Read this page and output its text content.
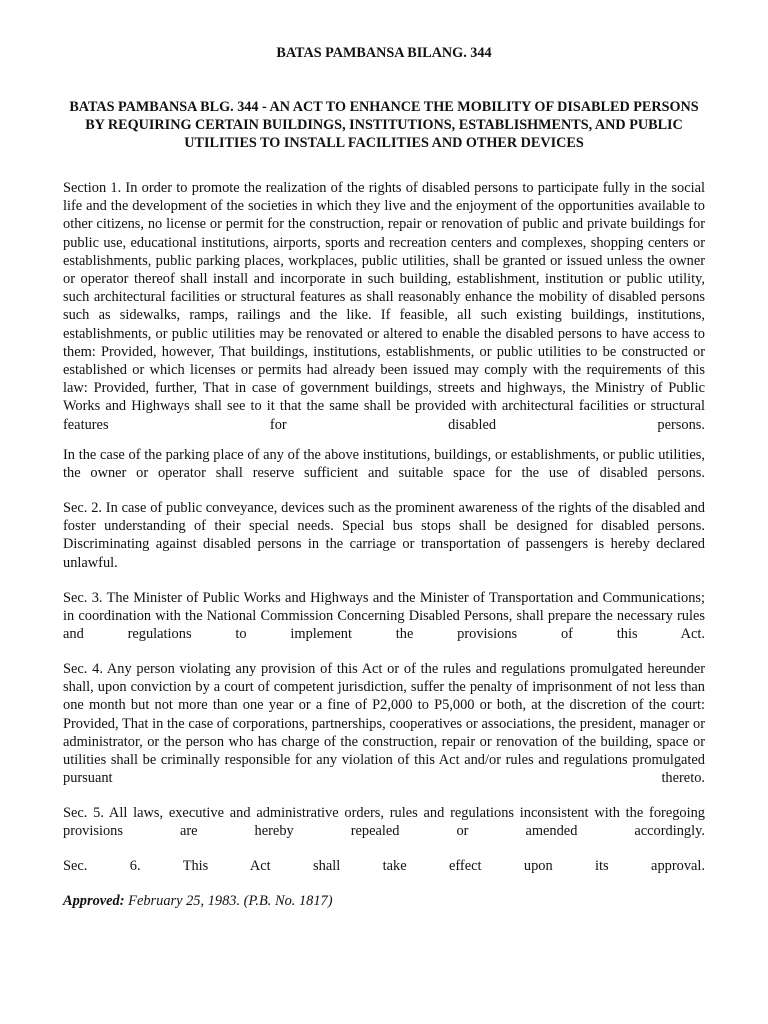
BATAS PAMBANSA BILANG. 344
BATAS PAMBANSA BLG. 344 - AN ACT TO ENHANCE THE MOBILITY OF DISABLED PERSONS BY REQUIRING CERTAIN BUILDINGS, INSTITUTIONS, ESTABLISHMENTS, AND PUBLIC UTILITIES TO INSTALL FACILITIES AND OTHER DEVICES

Section 1. In order to promote the realization of the rights of disabled persons to participate fully in the social life and the development of the societies in which they live and the enjoyment of the opportunities available to other citizens, no license or permit for the construction, repair or renovation of public and private buildings for public use, educational institutions, airports, sports and recreation centers and complexes, shopping centers or establishments, public parking places, workplaces, public utilities, shall be granted or issued unless the owner or operator thereof shall install and incorporate in such building, establishment, institution or public utility, such architectural facilities or structural features as shall reasonably enhance the mobility of disabled persons such as sidewalks, ramps, railings and the like. If feasible, all such existing buildings, institutions, establishments, or public utilities may be renovated or altered to enable the disabled persons to have access to them: Provided, however, That buildings, institutions, establishments, or public utilities to be constructed or established or which licenses or permits had already been issued may comply with the requirements of this law: Provided, further, That in case of government buildings, streets and highways, the Ministry of Public Works and Highways shall see to it that the same shall be provided with architectural facilities or structural features for disabled persons.

In the case of the parking place of any of the above institutions, buildings, or establishments, or public utilities, the owner or operator shall reserve sufficient and suitable space for the use of disabled persons.

Sec. 2. In case of public conveyance, devices such as the prominent awareness of the rights of the disabled and foster understanding of their special needs. Special bus stops shall be designed for disabled persons. Discriminating against disabled persons in the carriage or transportation of passengers is hereby declared unlawful.

Sec. 3. The Minister of Public Works and Highways and the Minister of Transportation and Communications; in coordination with the National Commission Concerning Disabled Persons, shall prepare the necessary rules and regulations to implement the provisions of this Act.

Sec. 4. Any person violating any provision of this Act or of the rules and regulations promulgated hereunder shall, upon conviction by a court of competent jurisdiction, suffer the penalty of imprisonment of not less than one month but not more than one year or a fine of P2,000 to P5,000 or both, at the discretion of the court: Provided, That in the case of corporations, partnerships, cooperatives or associations, the president, manager or administrator, or the person who has charge of the construction, repair or renovation of the building, space or utilities shall be criminally responsible for any violation of this Act and/or rules and regulations promulgated pursuant thereto.

Sec. 5. All laws, executive and administrative orders, rules and regulations inconsistent with the foregoing provisions are hereby repealed or amended accordingly.

Sec. 6. This Act shall take effect upon its approval.

Approved: February 25, 1983. (P.B. No. 1817)
